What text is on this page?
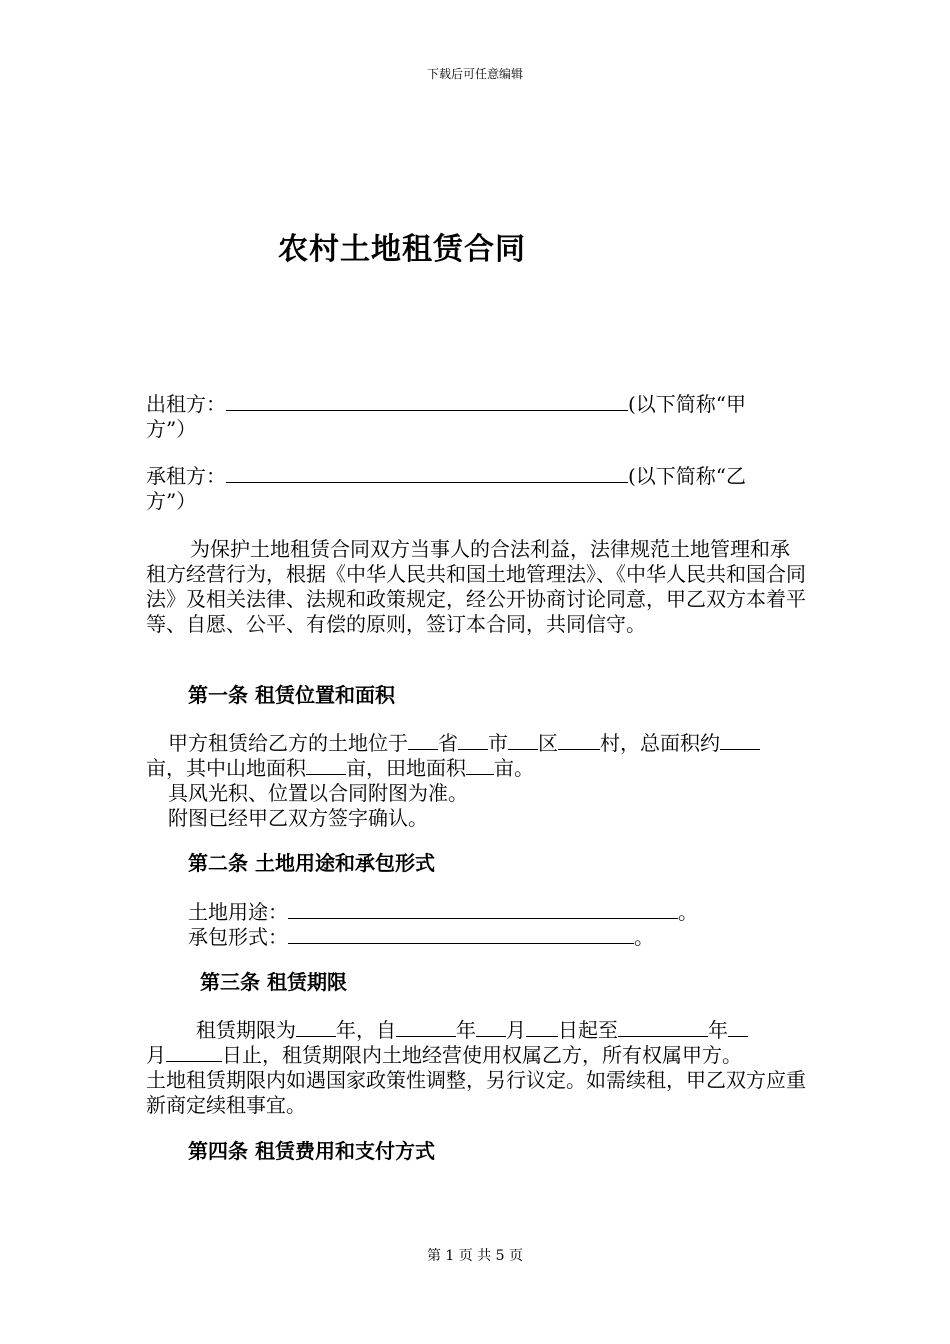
下载后可任意编辑
农村土地租赁合同
出租方：	(以下简称“甲
方”）
承租方：	(以下简称“乙
方”）
为保护土地租赁合同双方当事人的合法利益，法律规范土地管理和承租方经营行为，根据《中华人民共和国土地管理法》、《中华人民共和国合同法》及相关法律、法规和政策规定，经公开协商讨论同意，甲乙双方本着平等、自愿、公平、有偿的原则，签订本合同，共同信守。
第一条 租赁位置和面积
甲方租赁给乙方的土地位于 省 市 区 村，总面积约
亩，其中山地面积 亩，田地面积 亩。
具风光积、位置以合同附图为准。
附图已经甲乙双方签字确认。
第二条 土地用途和承包形式
土地用途：	。
承包形式：	。
第三条 租赁期限
租赁期限为 年，自	年 月 日起至	年
月	日止，租赁期限内土地经营使用权属乙方，所有权属甲方。
土地租赁期限内如遇国家政策性调整，另行议定。如需续租，甲乙双方应重新商定续租事宜。
第四条 租赁费用和支付方式
第 1 页 共 5 页
